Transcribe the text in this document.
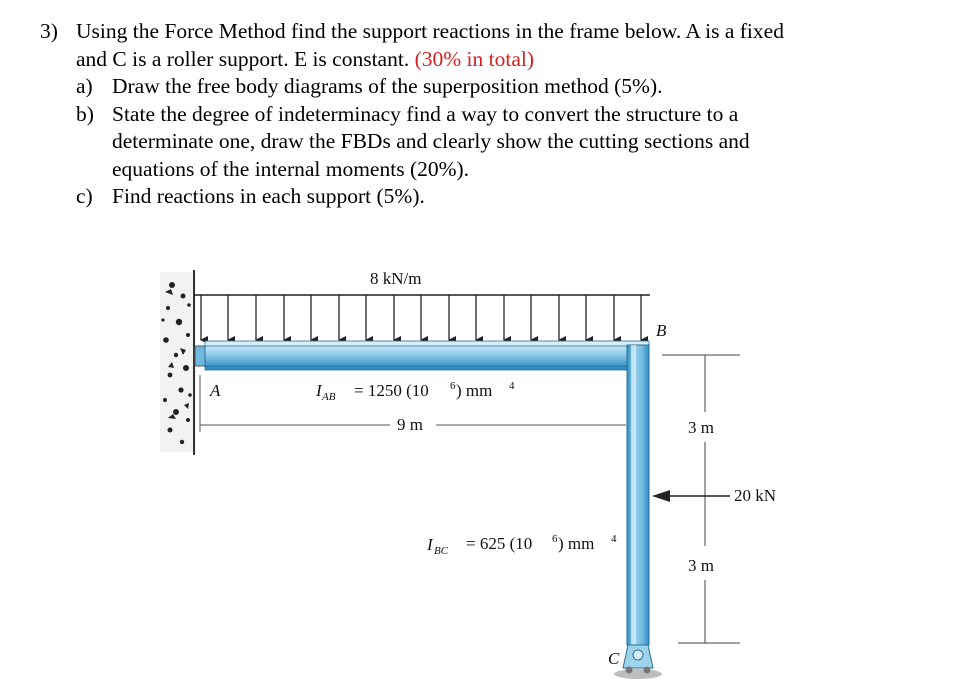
3) Using the Force Method find the support reactions in the frame below. A is a fixed
and C is a roller support. E is constant. (30% in total)
a) Draw the free body diagrams of the superposition method (5%).
b) State the degree of indeterminacy find a way to convert the structure to a
determinate one, draw the FBDs and clearly show the cutting sections and
equations of the internal moments (20%).
c) Find reactions in each support (5%).
8 kN/m
A
B
C
I AB = 1250 (10 6 ) mm 4
9 m
I BC = 625 (10 6 ) mm 4
3 m
3 m
20 kN
